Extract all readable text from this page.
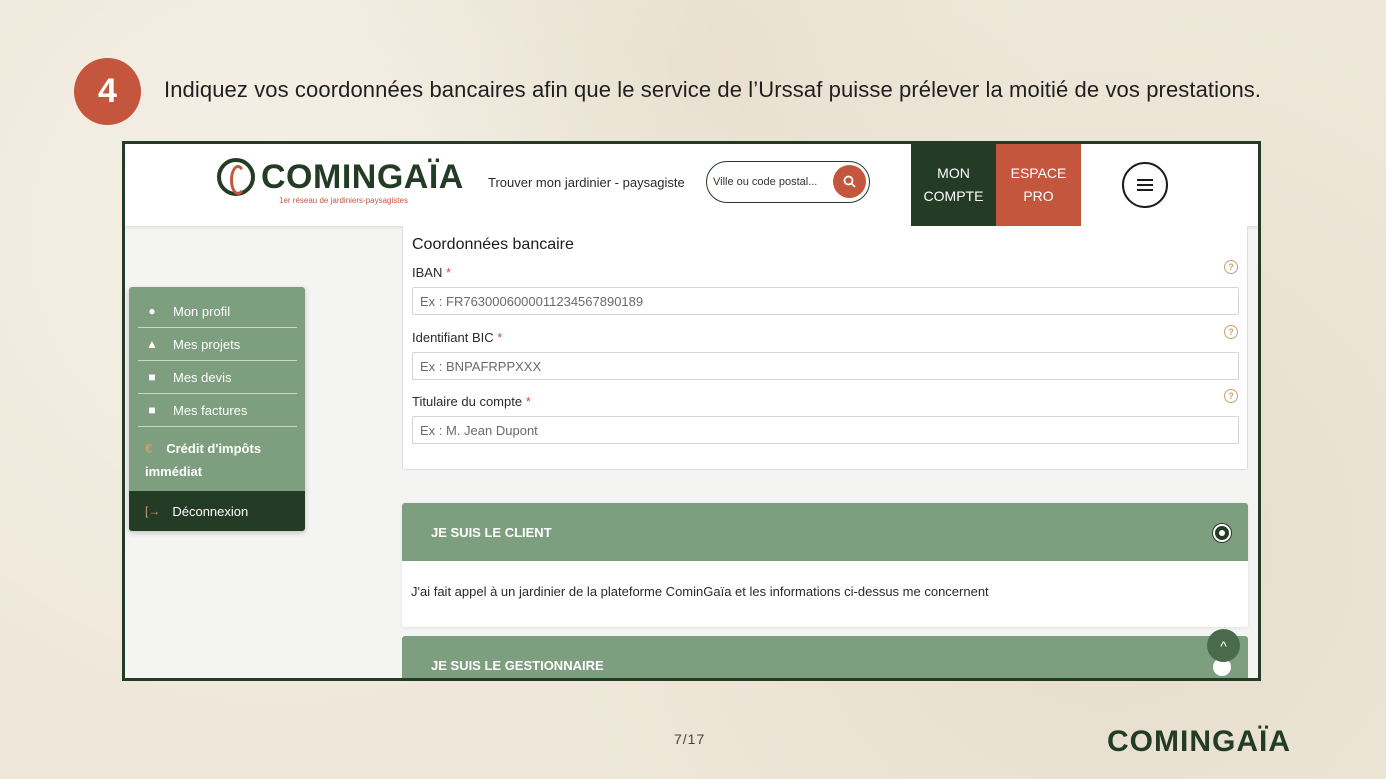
4	Indiquez vos coordonnées bancaires afin que le service de l’Urssaf puisse prélever la moitié de vos prestations.
COMINGAÏA
1er réseau de jardiniers-paysagistes
Trouver mon jardinier - paysagiste
Ville ou code postal...
MON
COMPTE
ESPACE
PRO
● Mon profil
▲ Mes projets
■ Mes devis
■ Mes factures
€ Crédit d'impôts
immédiat
[→ Déconnexion
Coordonnées bancaire
IBAN *	?
Ex : FR7630006000011234567890189
Identifiant BIC *	?
Ex : BNPAFRPPXXX
Titulaire du compte *	?
Ex : M. Jean Dupont
JE SUIS LE CLIENT
J'ai fait appel à un jardinier de la plateforme CominGaïa et les informations ci-dessus me concernent
JE SUIS LE GESTIONNAIRE
^
7/17	COMINGAÏA
